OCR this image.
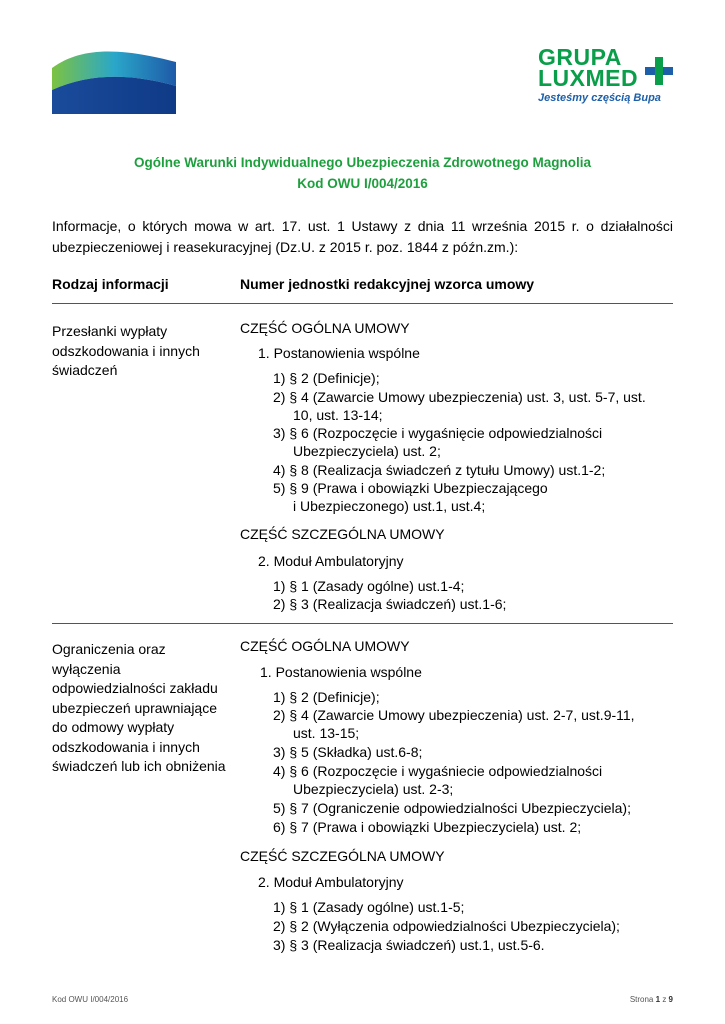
GRUPA
LUXMED
Jesteśmy częścią Bupa
Ogólne Warunki Indywidualnego Ubezpieczenia Zdrowotnego Magnolia
Kod OWU I/004/2016
Informacje, o których mowa w art. 17. ust. 1 Ustawy z dnia 11 września 2015 r. o działalności ubezpieczeniowej i reasekuracyjnej (Dz.U. z 2015 r. poz. 1844 z późn.zm.):
Rodzaj informacji	Numer jednostki redakcyjnej wzorca umowy
Przesłanki wypłaty odszkodowania i innych świadczeń
CZĘŚĆ OGÓLNA UMOWY
1. Postanowienia wspólne
1) § 2 (Definicje);
2) § 4 (Zawarcie Umowy ubezpieczenia) ust. 3, ust. 5-7, ust.
10, ust. 13-14;
3) § 6 (Rozpoczęcie i wygaśnięcie odpowiedzialności
Ubezpieczyciela) ust. 2;
4) § 8 (Realizacja świadczeń z tytułu Umowy) ust.1-2;
5) § 9 (Prawa i obowiązki Ubezpieczającego
i Ubezpieczonego) ust.1, ust.4;
CZĘŚĆ SZCZEGÓLNA UMOWY
2. Moduł Ambulatoryjny
1) § 1 (Zasady ogólne) ust.1-4;
2) § 3 (Realizacja świadczeń) ust.1-6;
Ograniczenia oraz wyłączenia odpowiedzialności zakładu ubezpieczeń uprawniające do odmowy wypłaty odszkodowania i innych świadczeń lub ich obniżenia
CZĘŚĆ OGÓLNA UMOWY
1. Postanowienia wspólne
1) § 2 (Definicje);
2) § 4 (Zawarcie Umowy ubezpieczenia) ust. 2-7, ust.9-11,
ust. 13-15;
3) § 5 (Składka) ust.6-8;
4) § 6 (Rozpoczęcie i wygaśniecie odpowiedzialności
Ubezpieczyciela) ust. 2-3;
5) § 7 (Ograniczenie odpowiedzialności Ubezpieczyciela);
6) § 7 (Prawa i obowiązki Ubezpieczyciela) ust. 2;
CZĘŚĆ SZCZEGÓLNA UMOWY
2. Moduł Ambulatoryjny
1) § 1 (Zasady ogólne) ust.1-5;
2) § 2 (Wyłączenia odpowiedzialności Ubezpieczyciela);
3) § 3 (Realizacja świadczeń) ust.1, ust.5-6.
Kod OWU I/004/2016	Strona 1 z 9
